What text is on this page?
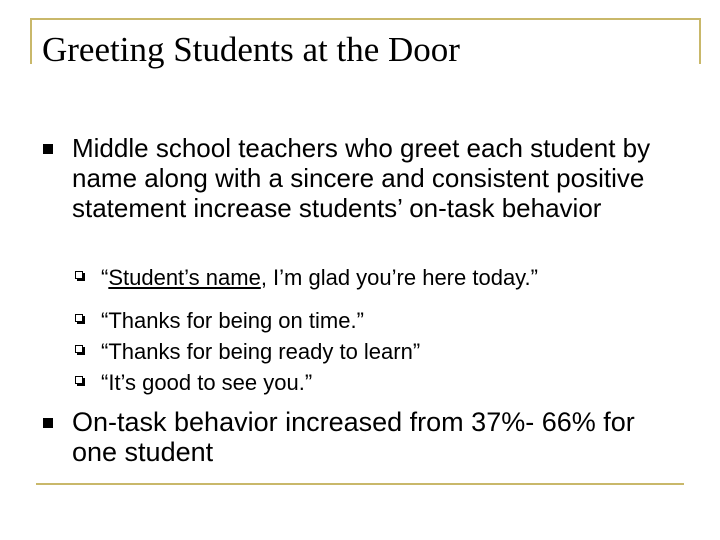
Greeting Students at the Door
Middle school teachers who greet each student by name along with a sincere and consistent positive statement increase students’ on-task behavior
“Student’s name, I’m glad you’re here today.”
“Thanks for being on time.”
“Thanks for being ready to learn”
“It’s good to see you.”
On-task behavior increased from 37%- 66% for one student
